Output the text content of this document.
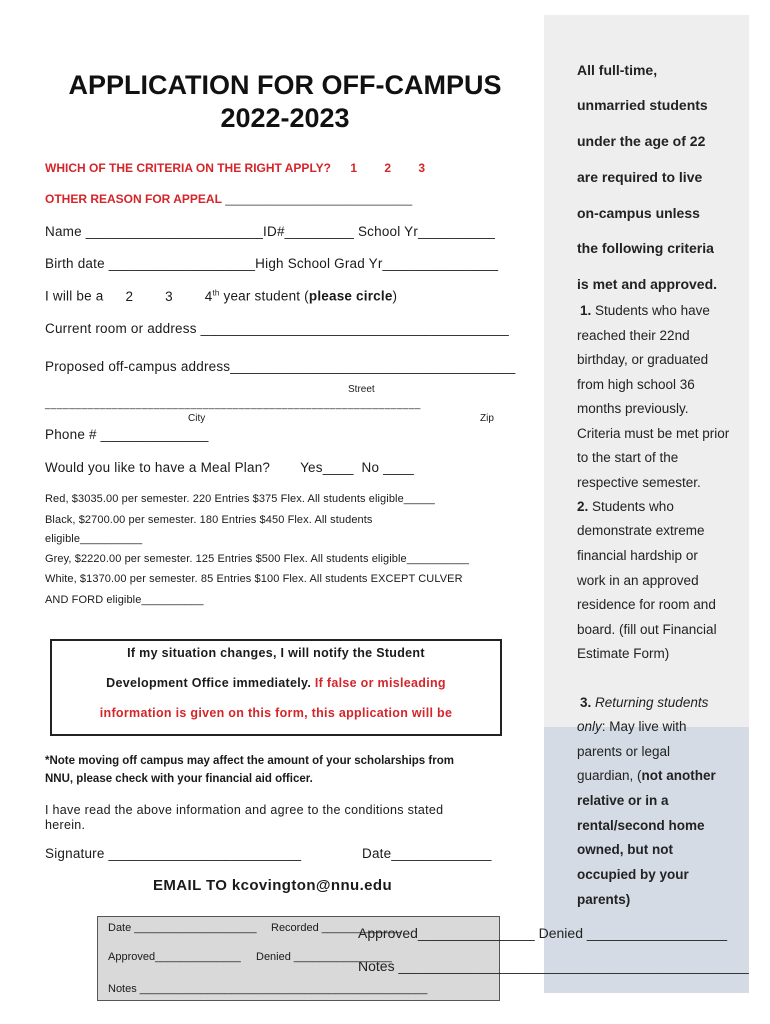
APPLICATION FOR OFF-CAMPUS
2022-2023
WHICH OF THE CRITERIA ON THE RIGHT APPLY? 1 2 3
OTHER REASON FOR APPEAL ____________________________
Name _______________________ID#_________ School Yr__________
Birth date ___________________High School Grad Yr_______________
I will be a 2 3 4th year student (please circle)
Current room or address ________________________________________
Proposed off-campus address_____________________________________
Street
______________________________________________________________
City	Zip
Phone # ______________
Would you like to have a Meal Plan? Yes____ No ____
Red, $3035.00 per semester. 220 Entries $375 Flex. All students eligible_____
Black, $2700.00 per semester. 180 Entries $450 Flex. All students
eligible__________
Grey, $2220.00 per semester. 125 Entries $500 Flex. All students eligible__________
White, $1370.00 per semester. 85 Entries $100 Flex. All students EXCEPT CULVER
AND FORD eligible__________
If my situation changes, I will notify the Student
Development Office immediately. If false or misleading
information is given on this form, this application will be
*Note moving off campus may affect the amount of your scholarships from
NNU, please check with your financial aid officer.
I have read the above information and agree to the conditions stated
herein.
Signature _________________________	Date_____________
EMAIL TO kcovington@nnu.edu
Date ____________________ Recorded _____________
Approved______________ Denied ________________
Notes _______________________________________________
Approved_______________ Denied __________________
Notes _____________________________________________
All full-time,
unmarried students
under the age of 22
are required to live
on-campus unless
the following criteria
is met and approved.
1. Students who have
reached their 22nd
birthday, or graduated
from high school 36
months previously.
Criteria must be met prior
to the start of the
respective semester.
2. Students who
demonstrate extreme
financial hardship or
work in an approved
residence for room and
board. (fill out Financial
Estimate Form)
3. Returning students
only: May live with
parents or legal
guardian, (not another
relative or in a
rental/second home
owned, but not
occupied by your
parents)
